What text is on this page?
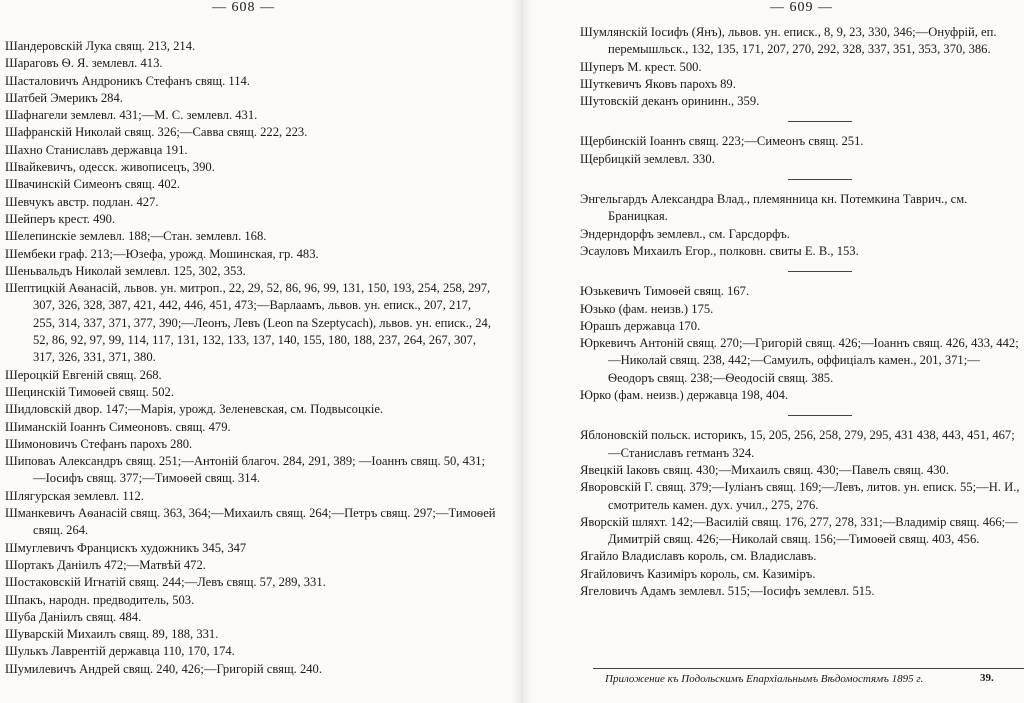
— 608 —
Шандеровскій Лука свящ. 213, 214.
Шараговъ Ѳ. Я. землевл. 413.
Шасталовичъ Андроникъ Стефанъ свящ. 114.
Шатбей Эмерикъ 284.
Шафнагели землевл. 431;—М. С. землевл. 431.
Шафранскій Николай свящ. 326;—Савва свящ. 222, 223.
Шахно Станиславъ державца 191.
Швайкевичъ, одесск. живописецъ, 390.
Швачинскій Симеонъ свящ. 402.
Шевчукъ австр. подлан. 427.
Шейперъ крест. 490.
Шелепинскіе землевл. 188;—Стан. землевл. 168.
Шембеки граф. 213;—Юзефа, урожд. Мошинская, гр. 483.
Шеньвальдъ Николай землевл. 125, 302, 353.
Шептицкій Аѳанасій, львов. ун. митроп., 22, 29, 52, 86, 96, 99, 131, 150, 193, 254, 258, 297, 307, 326, 328, 387, 421, 442, 446, 451, 473;—Варлаамъ, львов. ун. епиcк., 207, 217, 255, 314, 337, 371, 377, 390;—Леонъ, Левъ (Leon na Szeptycach), львов. ун. епиcк., 24, 52, 86, 92, 97, 99, 114, 117, 131, 132, 133, 137, 140, 155, 180, 188, 237, 264, 267, 307, 317, 326, 331, 371, 380.
Шероцкій Евгеній свящ. 268.
Шецинскій Тимоѳей свящ. 502.
Шидловскій двор. 147;—Марія, урожд. Зеленевская, см. Подвысоцкіе.
Шиманскій Іоаннъ Симеоновъ. свящ. 479.
Шимоновичъ Стефанъ парохъ 280.
Шиповаъ Александръ свящ. 251;—Антоній благоч. 284, 291, 389; —Іоаннъ свящ. 50, 431;—Іосифъ свящ. 377;—Тимоѳей свящ. 314.
Шлягурская землевл. 112.
Шманкевичъ Аѳанасій свящ. 363, 364;—Михаилъ свящ. 264;—Петръ свящ. 297;—Тимоѳей свящ. 264.
Шмуглевичъ Францискъ художникъ 345, 347
Шортакъ Даніилъ 472;—Матвѣй 472.
Шостаковскій Игнатій свящ. 244;—Левъ свящ. 57, 289, 331.
Шпакъ, народн. предводитель, 503.
Шуба Даніилъ свящ. 484.
Шуварскій Михаилъ свящ. 89, 188, 331.
Шулькъ Лаврентій державца 110, 170, 174.
Шумилевичъ Андрей свящ. 240, 426;—Григорій свящ. 240.
— 609 —
Шумлянскій Іосифъ (Янъ), львов. ун. епиcк., 8, 9, 23, 330, 346;—Онуфрій, еп. перемышльск., 132, 135, 171, 207, 270, 292, 328, 337, 351, 353, 370, 386.
Шуперъ М. крест. 500.
Шуткевичъ Яковъ парохъ 89.
Шутовскій деканъ орининн., 359.
Щербинскій Іоаннъ свящ. 223;—Симеонъ свящ. 251.
Щербицкій землевл. 330.
Энгельгардъ Александра Влад., племянница кн. Потемкина Таврич., см. Браницкая.
Эндерндорфъ землевл., см. Гарсдорфъ.
Эсауловъ Михаилъ Егор., полковн. свиты Е. В., 153.
Юзькевичъ Тимоѳей свящ. 167.
Юзько (фам. неизв.) 175.
Юрашъ державца 170.
Юркевичъ Антоній свящ. 270;—Григорій свящ. 426;—Іоаннъ свящ. 426, 433, 442;—Николай свящ. 238, 442;—Самуилъ, оффиціалъ камен., 201, 371;—Ѳеодоръ свящ. 238;—Ѳеодосій свящ. 385.
Юрко (фам. неизв.) державца 198, 404.
Яблоновскій польск. историкъ, 15, 205, 256, 258, 279, 295, 431 438, 443, 451, 467;—Станиславъ гетманъ 324.
Явецкій Іаковъ свящ. 430;—Михаилъ свящ. 430;—Павелъ свящ. 430.
Яворовскій Г. свящ. 379;—Іуліанъ свящ. 169;—Левъ, литов. ун. еписк. 55;—Н. И., смотритель камен. дух. учил., 275, 276.
Яворскій шляхт. 142;—Василій свящ. 176, 277, 278, 331;—Владимір свящ. 466;—Димитрій свящ. 426;—Николай свящ. 156;—Тимоѳей свящ. 403, 456.
Ягайло Владиславъ король, см. Владиславъ.
Ягайловичъ Казиміръ король, см. Казиміръ.
Ягеловичъ Адамъ землевл. 515;—Іосифъ землевл. 515.
Приложение къ Подольскимъ Епархіальнымъ Вѣдомостямъ 1895 г.	39.
